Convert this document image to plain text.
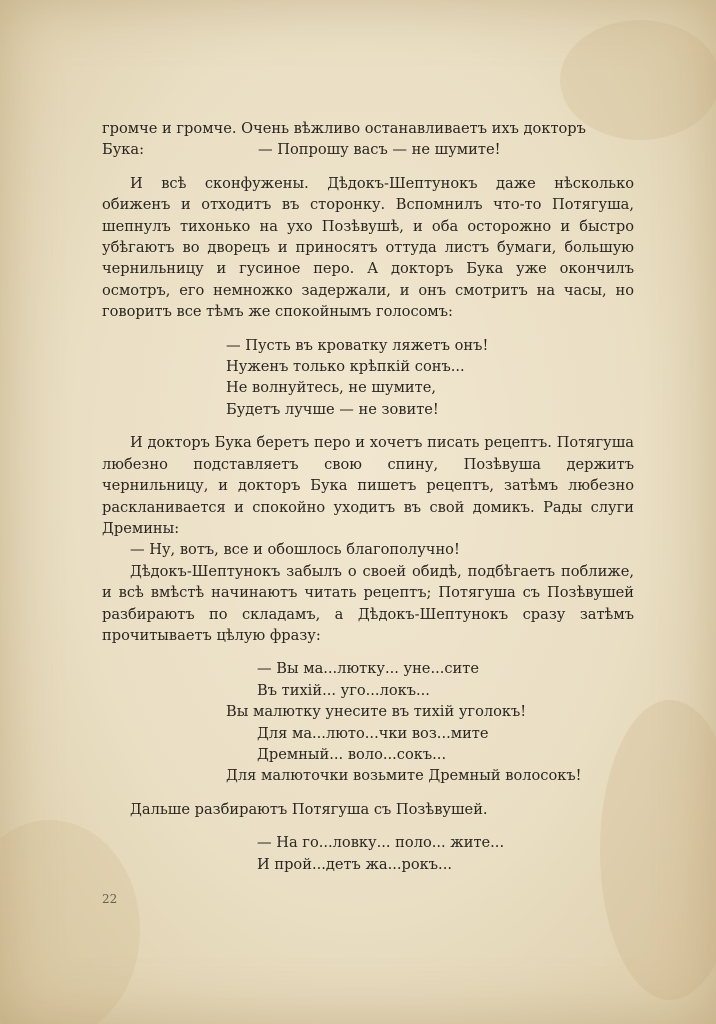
громче и громче. Очень вѣжливо останавливаетъ ихъ докторъ
Бука:	— Попрошу васъ — не шумите!

И всѣ сконфужены. Дѣдокъ-Шептунокъ даже нѣсколько обиженъ и отходитъ въ сторонку. Вспомнилъ что-то Потягуша, шепнулъ тихонько на ухо Позѣвушѣ, и оба осторожно и быстро убѣгаютъ во дворецъ и приносятъ оттуда листъ бумаги, большую чернильницу и гусиное перо. А докторъ Бука уже окончилъ осмотръ, его немножко задержали, и онъ смотритъ на часы, но говоритъ все тѣмъ же спокойнымъ голосомъ:

— Пусть въ кроватку ляжетъ онъ!
Нуженъ только крѣпкій сонъ...
Не волнуйтесь, не шумите,
Будетъ лучше — не зовите!

И докторъ Бука беретъ перо и хочетъ писать рецептъ. Потягуша любезно подставляетъ свою спину, Позѣвуша держитъ чернильницу, и докторъ Бука пишетъ рецептъ, затѣмъ любезно раскланивается и спокойно уходитъ въ свой домикъ. Рады слуги Дремины:

— Ну, вотъ, все и обошлось благополучно!

Дѣдокъ-Шептунокъ забылъ о своей обидѣ, подбѣгаетъ поближе, и всѣ вмѣстѣ начинаютъ читать рецептъ; Потягуша съ Позѣвушей разбираютъ по складамъ, а Дѣдокъ-Шептунокъ сразу затѣмъ прочитываетъ цѣлую фразу:

— Вы ма...лютку... уне...сите
Въ тихій... уго...локъ...
Вы малютку унесите въ тихій уголокъ!
Для ма...люто...чки воз...мите
Дремный... воло...сокъ...
Для малюточки возьмите Дремный волосокъ!

Дальше разбираютъ Потягуша съ Позѣвушей.

— На го...ловку... поло... жите...
И прой...детъ жа...рокъ...
22
